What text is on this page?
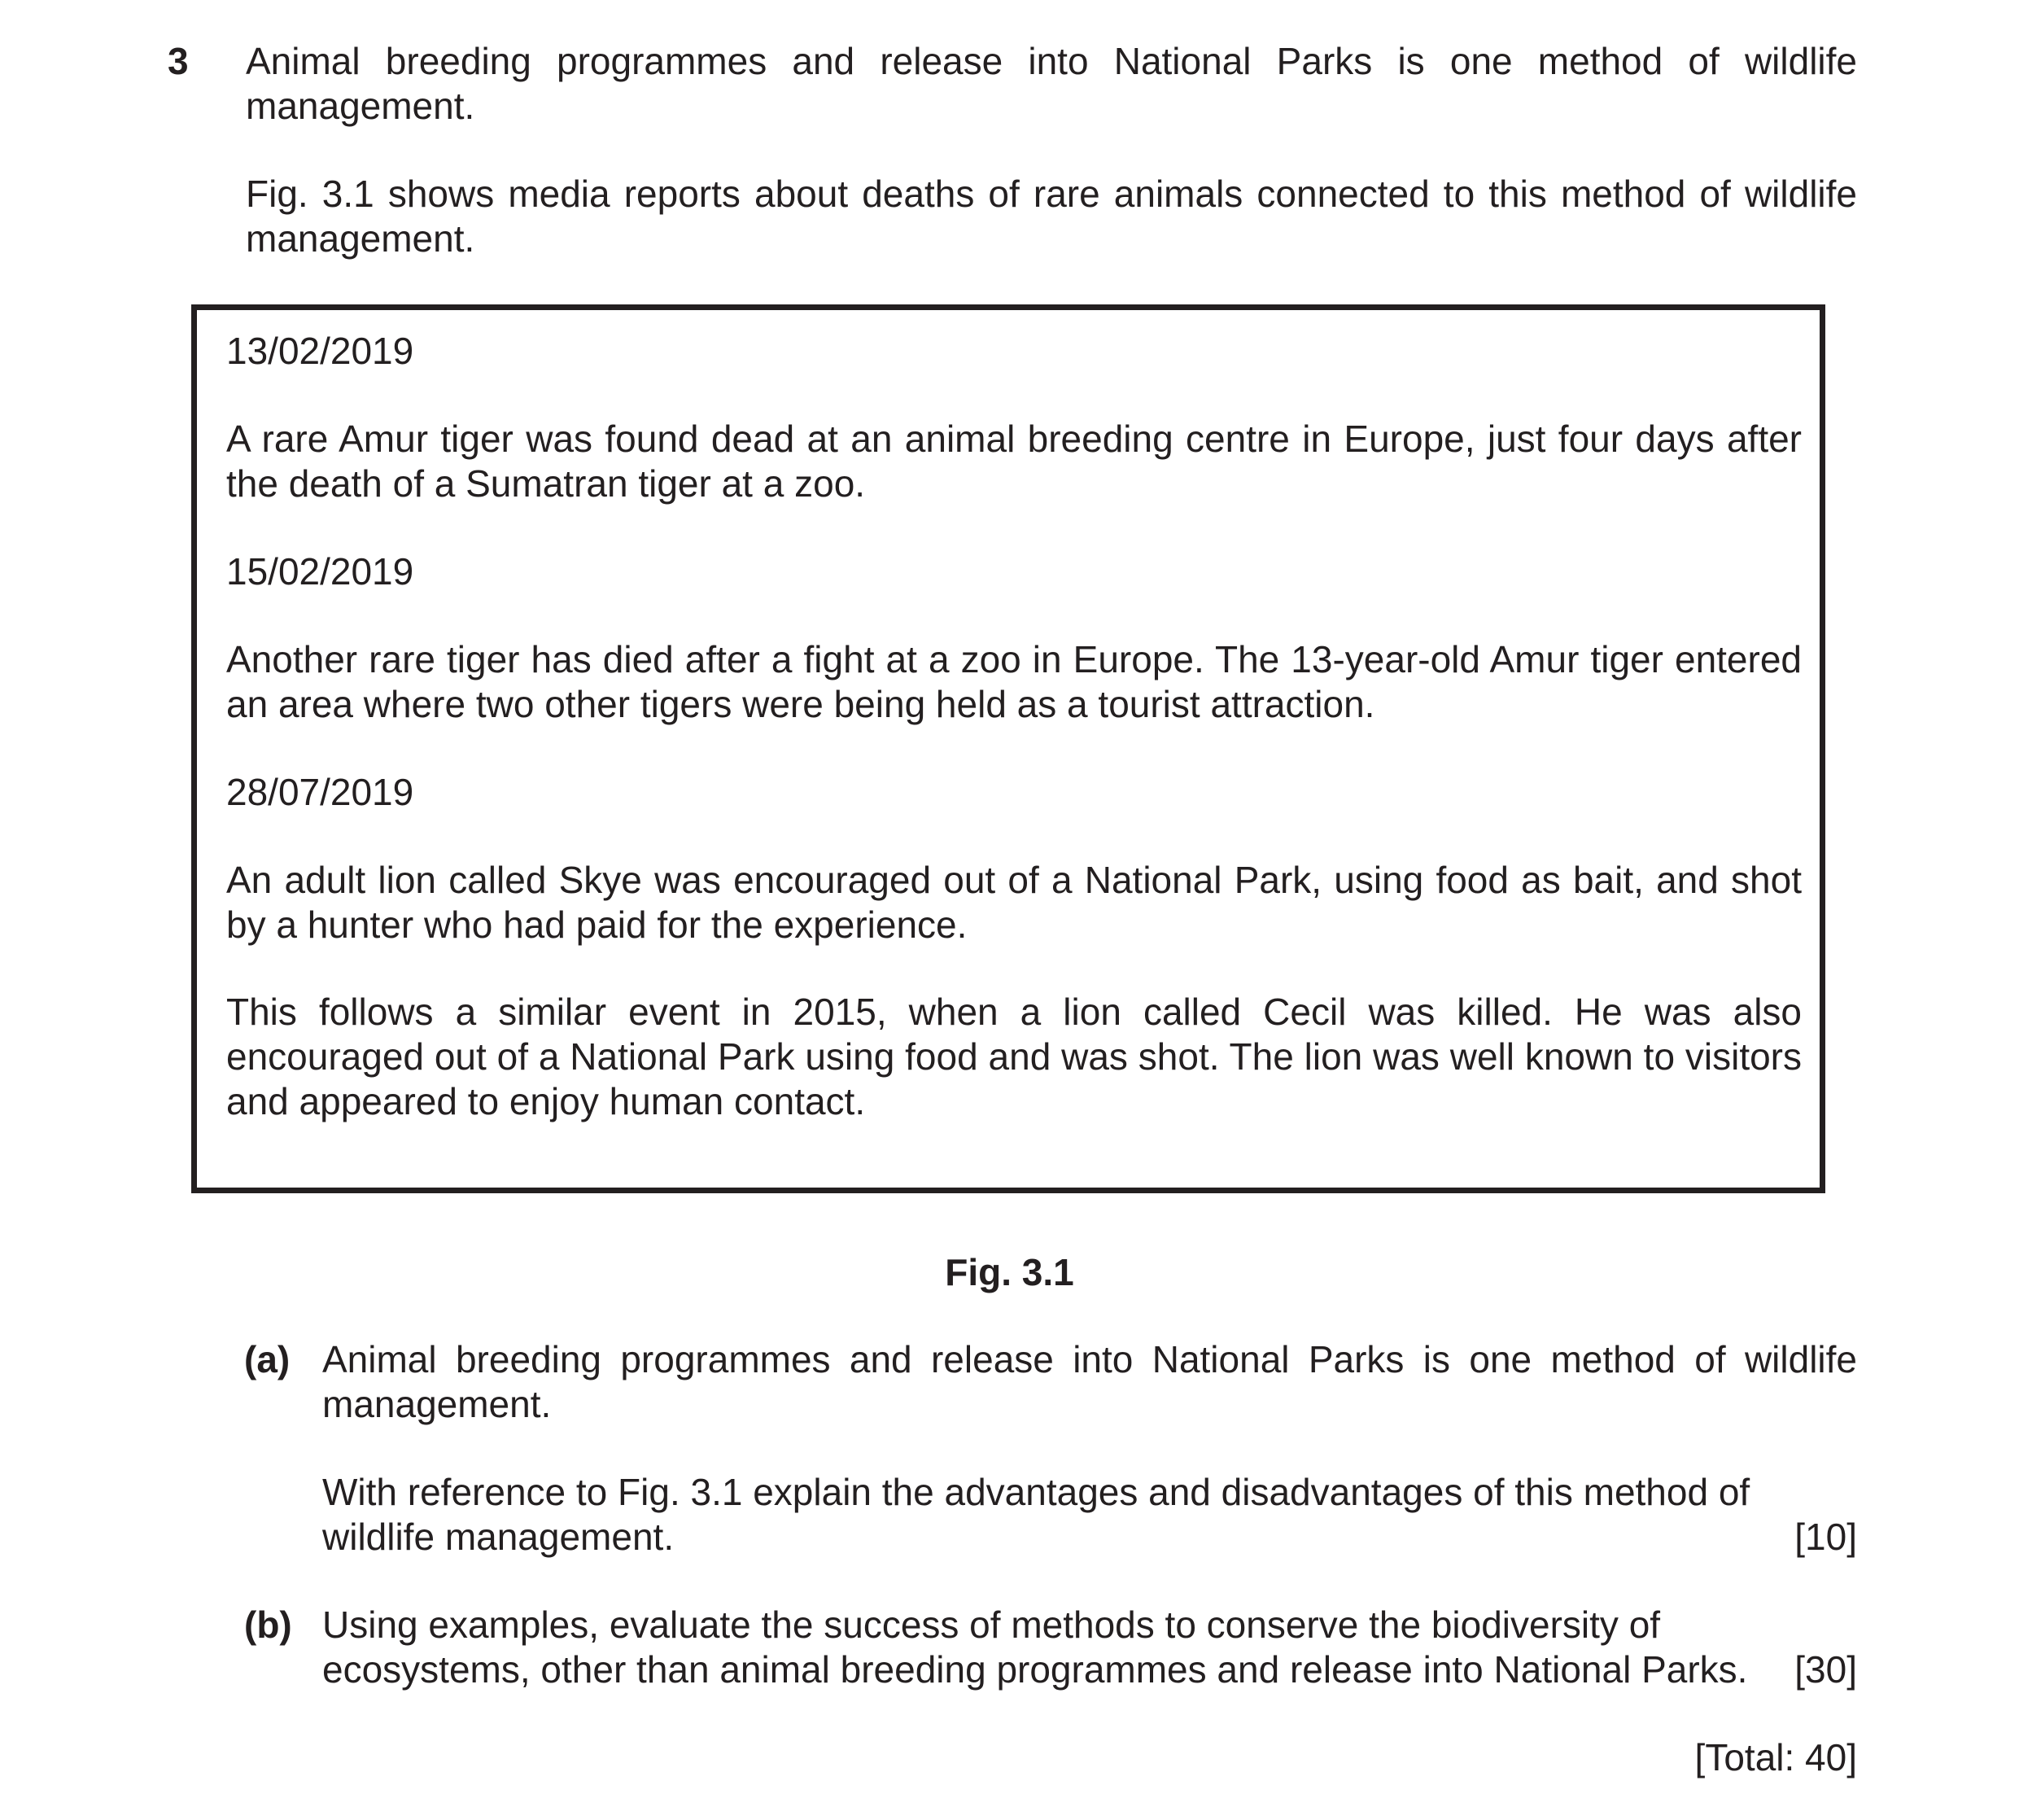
3 Animal breeding programmes and release into National Parks is one method of wildlife management.
Fig. 3.1 shows media reports about deaths of rare animals connected to this method of wildlife management.
13/02/2019
A rare Amur tiger was found dead at an animal breeding centre in Europe, just four days after the death of a Sumatran tiger at a zoo.
15/02/2019
Another rare tiger has died after a fight at a zoo in Europe. The 13-year-old Amur tiger entered an area where two other tigers were being held as a tourist attraction.
28/07/2019
An adult lion called Skye was encouraged out of a National Park, using food as bait, and shot by a hunter who had paid for the experience.
This follows a similar event in 2015, when a lion called Cecil was killed. He was also encouraged out of a National Park using food and was shot. The lion was well known to visitors and appeared to enjoy human contact.
Fig. 3.1
(a) Animal breeding programmes and release into National Parks is one method of wildlife management.
With reference to Fig. 3.1 explain the advantages and disadvantages of this method of wildlife management.	[10]
(b) Using examples, evaluate the success of methods to conserve the biodiversity of ecosystems, other than animal breeding programmes and release into National Parks.	[30]
[Total: 40]
